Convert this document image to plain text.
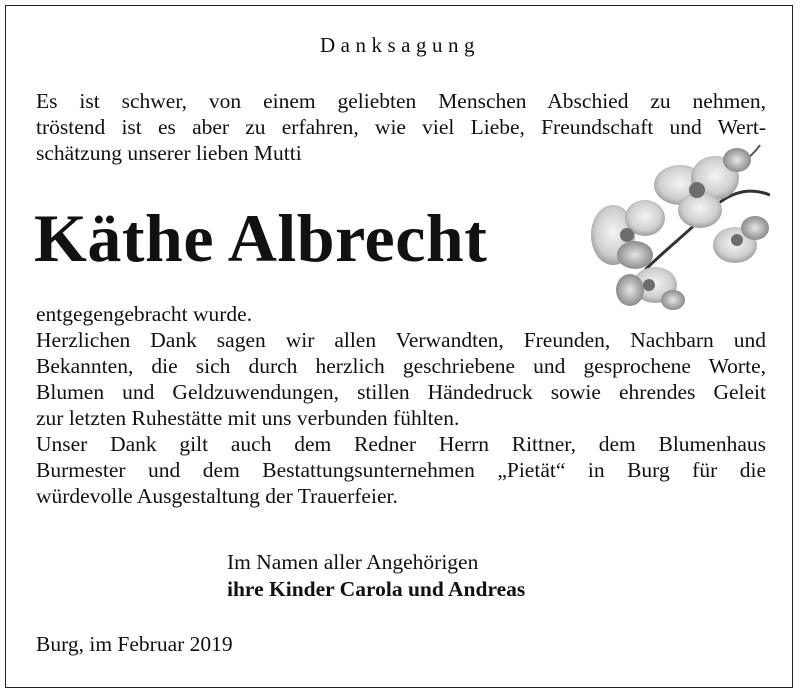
Danksagung
Es ist schwer, von einem geliebten Menschen Abschied zu nehmen,
tröstend ist es aber zu erfahren, wie viel Liebe, Freundschaft und Wert-
schätzung unserer lieben Mutti
Käthe Albrecht
entgegengebracht wurde.
Herzlichen Dank sagen wir allen Verwandten, Freunden, Nachbarn und
Bekannten, die sich durch herzlich geschriebene und gesprochene Worte,
Blumen und Geldzuwendungen, stillen Händedruck sowie ehrendes Geleit
zur letzten Ruhestätte mit uns verbunden fühlten.
Unser Dank gilt auch dem Redner Herrn Rittner, dem Blumenhaus
Burmester und dem Bestattungsunternehmen „Pietät“ in Burg für die
würdevolle Ausgestaltung der Trauerfeier.
Im Namen aller Angehörigen
ihre Kinder Carola und Andreas
Burg, im Februar 2019
